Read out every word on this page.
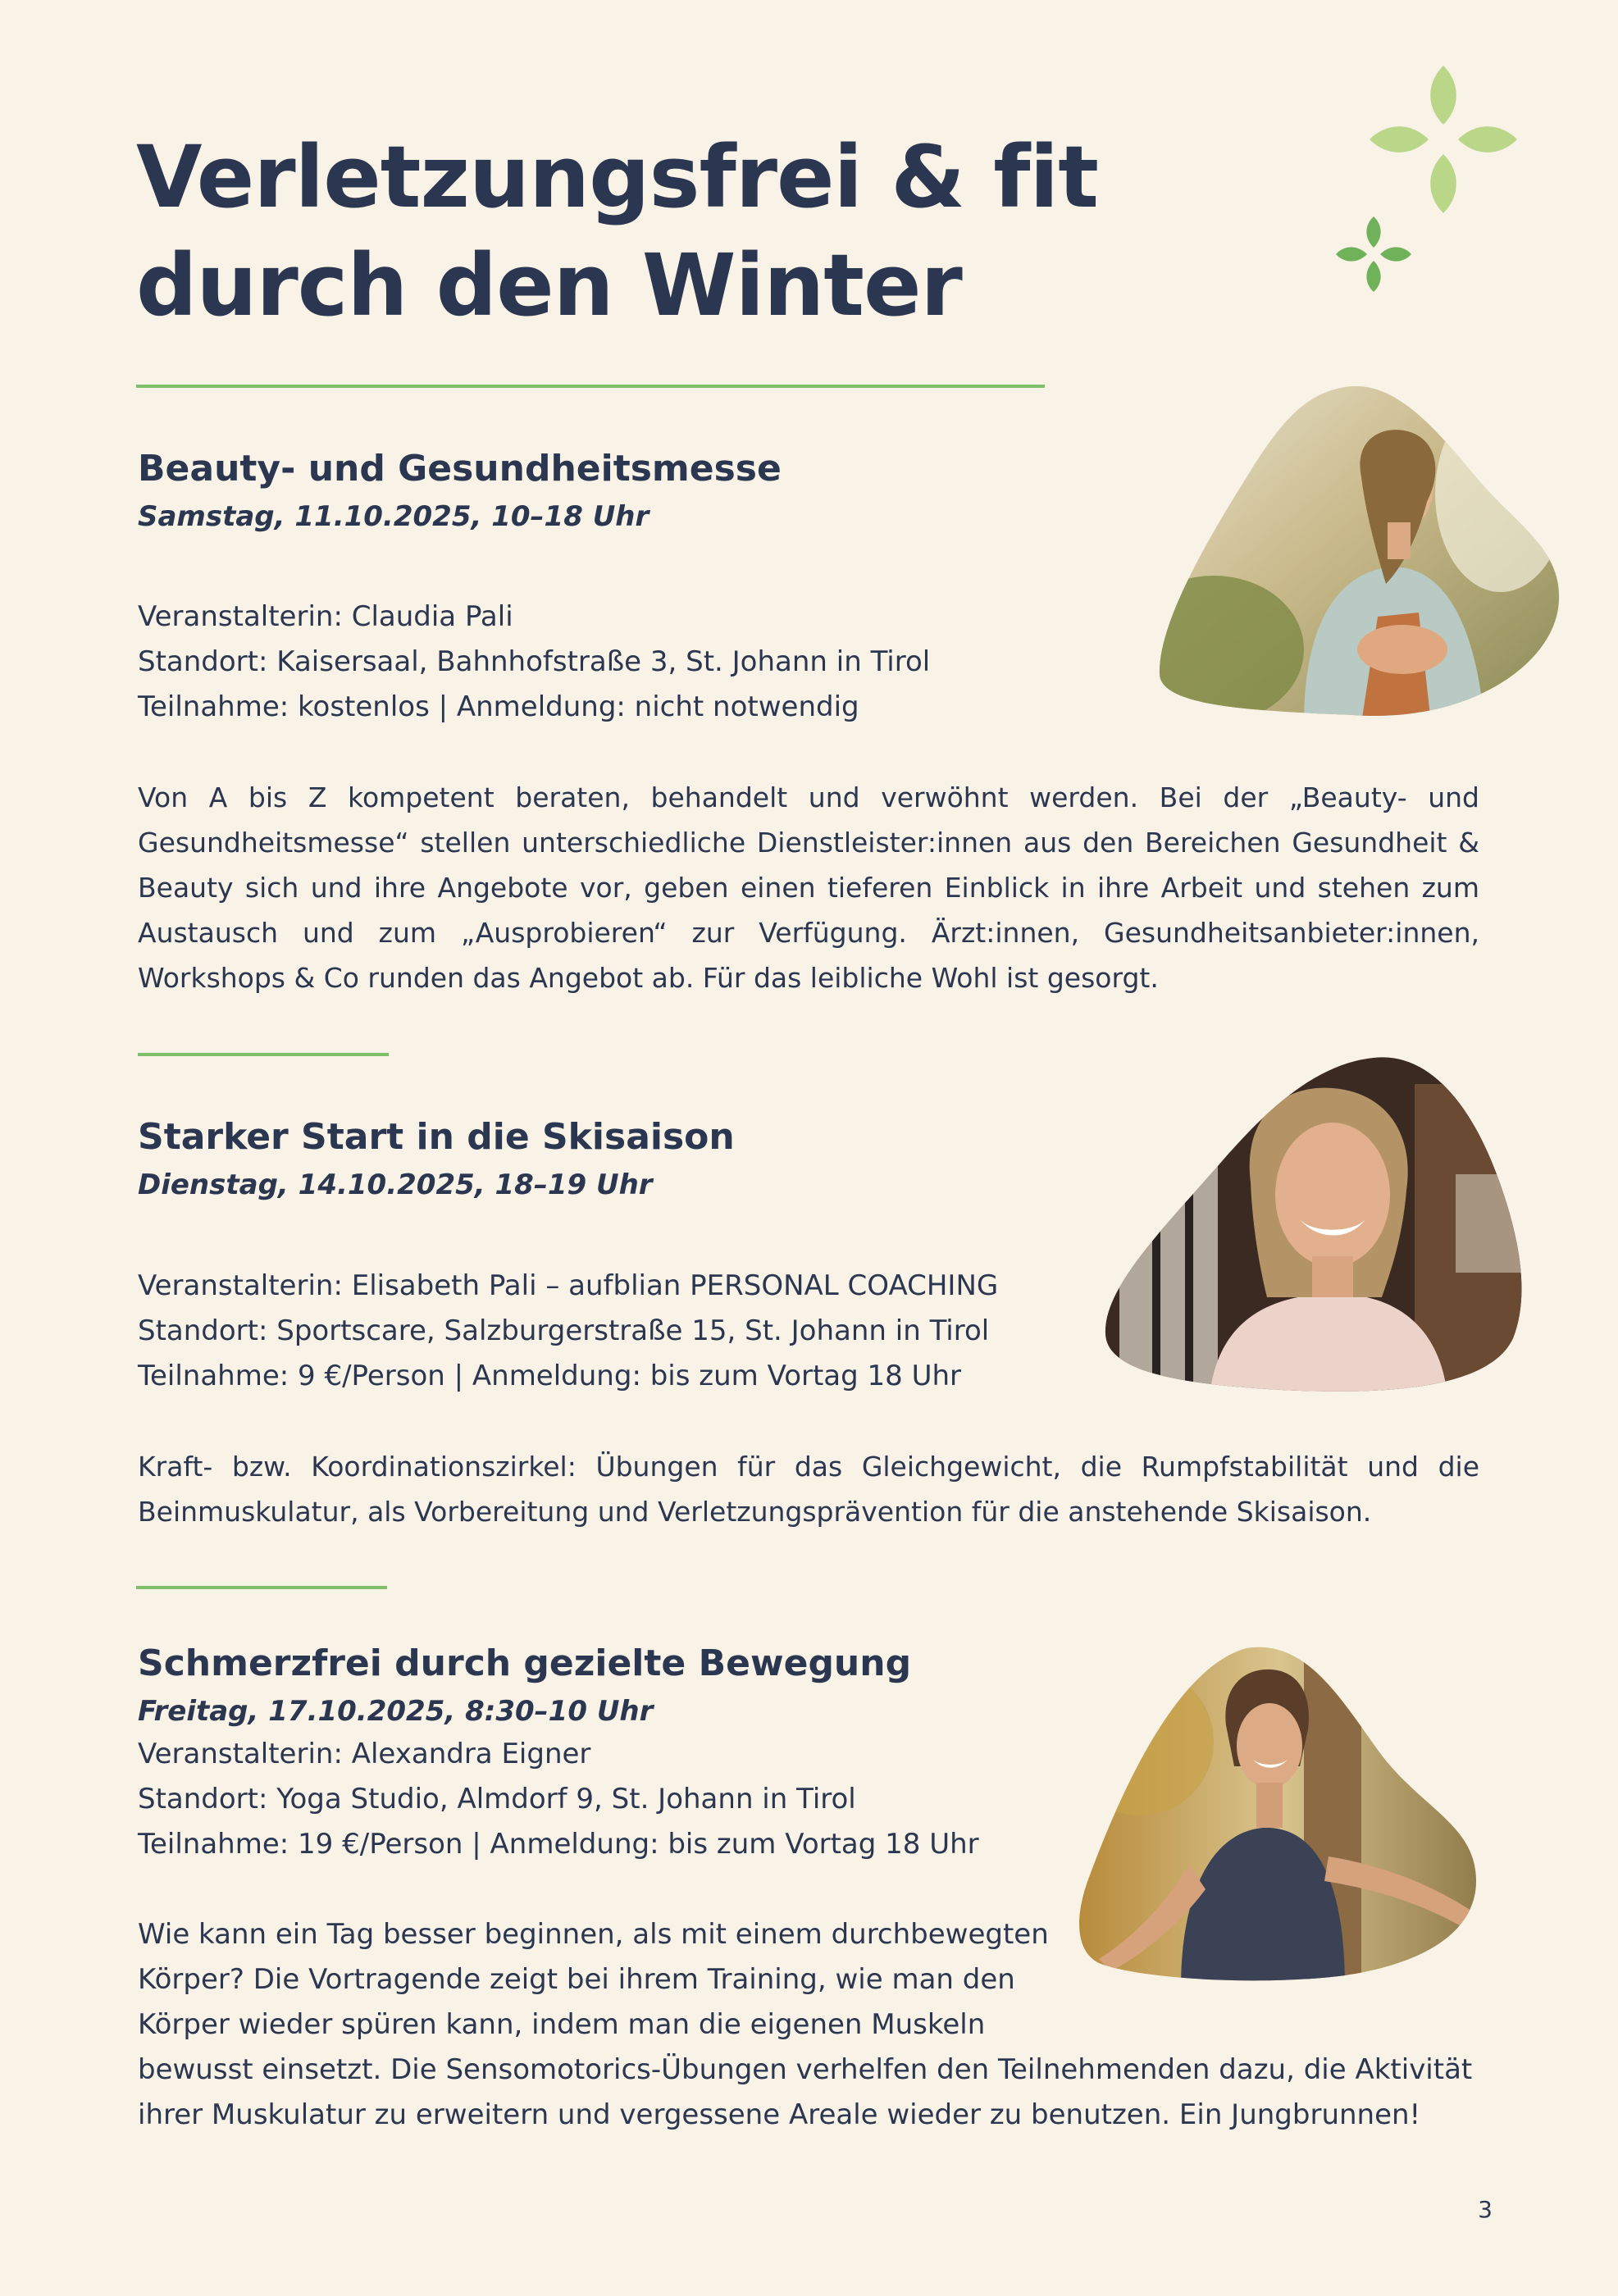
Verletzungsfrei & fit
durch den Winter
Beauty- und Gesundheitsmesse

Samstag, 11.10.2025, 10–18 Uhr

Veranstalterin: Claudia Pali
Standort: Kaisersaal, Bahnhofstraße 3, St. Johann in Tirol
Teilnahme: kostenlos | Anmeldung: nicht notwendig

Von A bis Z kompetent beraten, behandelt und verwöhnt werden. Bei der „Beauty- und Gesundheitsmesse“ stellen unterschiedliche Dienstleister:innen aus den Bereichen Gesundheit & Beauty sich und ihre Angebote vor, geben einen tieferen Einblick in ihre Arbeit und stehen zum Austausch und zum „Ausprobieren“ zur Verfügung. Ärzt:innen, Gesundheitsanbieter:innen, Workshops & Co runden das Angebot ab. Für das leibliche Wohl ist gesorgt.

Starker Start in die Skisaison

Dienstag, 14.10.2025, 18–19 Uhr

Veranstalterin: Elisabeth Pali – aufblian PERSONAL COACHING
Standort: Sportscare, Salzburgerstraße 15, St. Johann in Tirol
Teilnahme: 9 €/Person | Anmeldung: bis zum Vortag 18 Uhr

Kraft- bzw. Koordinationszirkel: Übungen für das Gleichgewicht, die Rumpfstabilität und die Beinmuskulatur, als Vorbereitung und Verletzungsprävention für die anstehende Skisaison.

Schmerzfrei durch gezielte Bewegung

Freitag, 17.10.2025, 8:30–10 Uhr

Veranstalterin: Alexandra Eigner
Standort: Yoga Studio, Almdorf 9, St. Johann in Tirol
Teilnahme: 19 €/Person | Anmeldung: bis zum Vortag 18 Uhr
Wie kann ein Tag besser beginnen, als mit einem durchbewegten
Körper? Die Vortragende zeigt bei ihrem Training, wie man den
Körper wieder spüren kann, indem man die eigenen Muskeln
bewusst einsetzt. Die Sensomotorics-Übungen verhelfen den Teilnehmenden dazu, die Aktivität
ihrer Muskulatur zu erweitern und vergessene Areale wieder zu benutzen. Ein Jungbrunnen!
3
